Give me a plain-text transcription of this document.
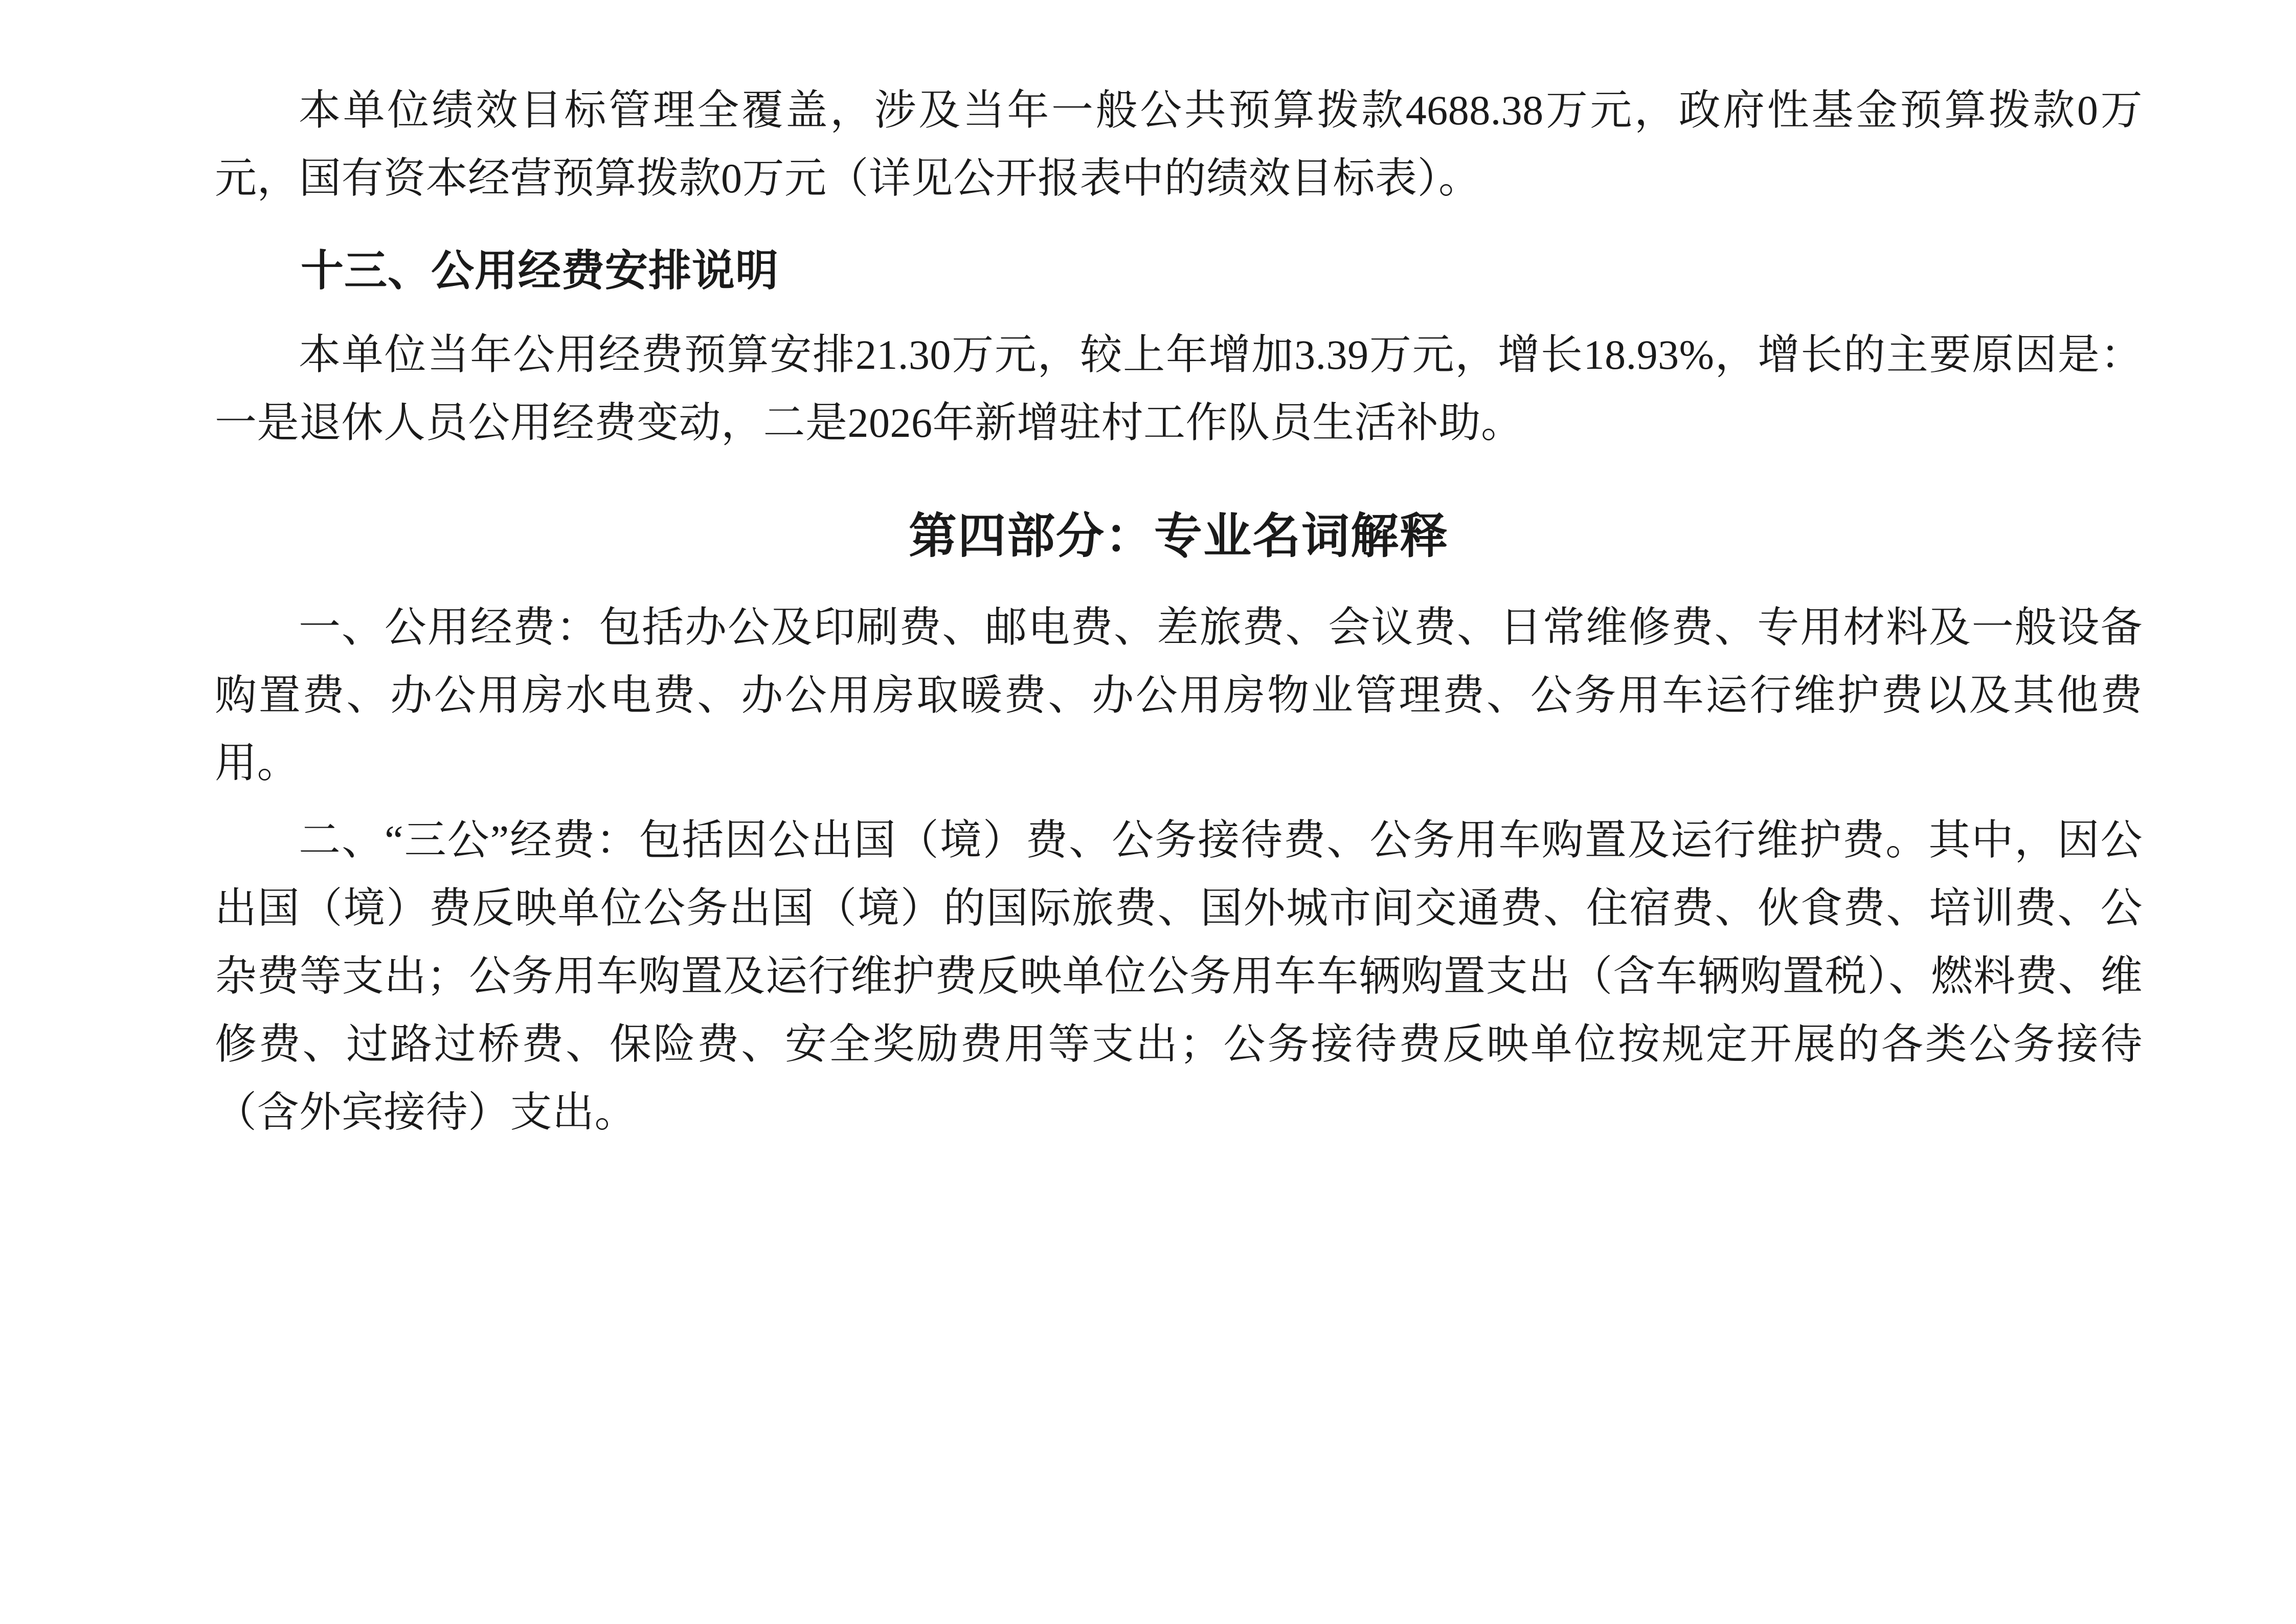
本单位绩效目标管理全覆盖，涉及当年一般公共预算拨款4688.38万元，政府性基金预算拨款0万元，国有资本经营预算拨款0万元（详见公开报表中的绩效目标表）。

十三、公用经费安排说明

本单位当年公用经费预算安排21.30万元，较上年增加3.39万元，增长18.93%，增长的主要原因是：一是退休人员公用经费变动，二是2026年新增驻村工作队员生活补助。

第四部分：专业名词解释

一、公用经费：包括办公及印刷费、邮电费、差旅费、会议费、日常维修费、专用材料及一般设备购置费、办公用房水电费、办公用房取暖费、办公用房物业管理费、公务用车运行维护费以及其他费用。

二、“三公”经费：包括因公出国（境）费、公务接待费、公务用车购置及运行维护费。其中，因公出国（境）费反映单位公务出国（境）的国际旅费、国外城市间交通费、住宿费、伙食费、培训费、公杂费等支出；公务用车购置及运行维护费反映单位公务用车车辆购置支出（含车辆购置税）、燃料费、维修费、过路过桥费、保险费、安全奖励费用等支出；公务接待费反映单位按规定开展的各类公务接待（含外宾接待）支出。
